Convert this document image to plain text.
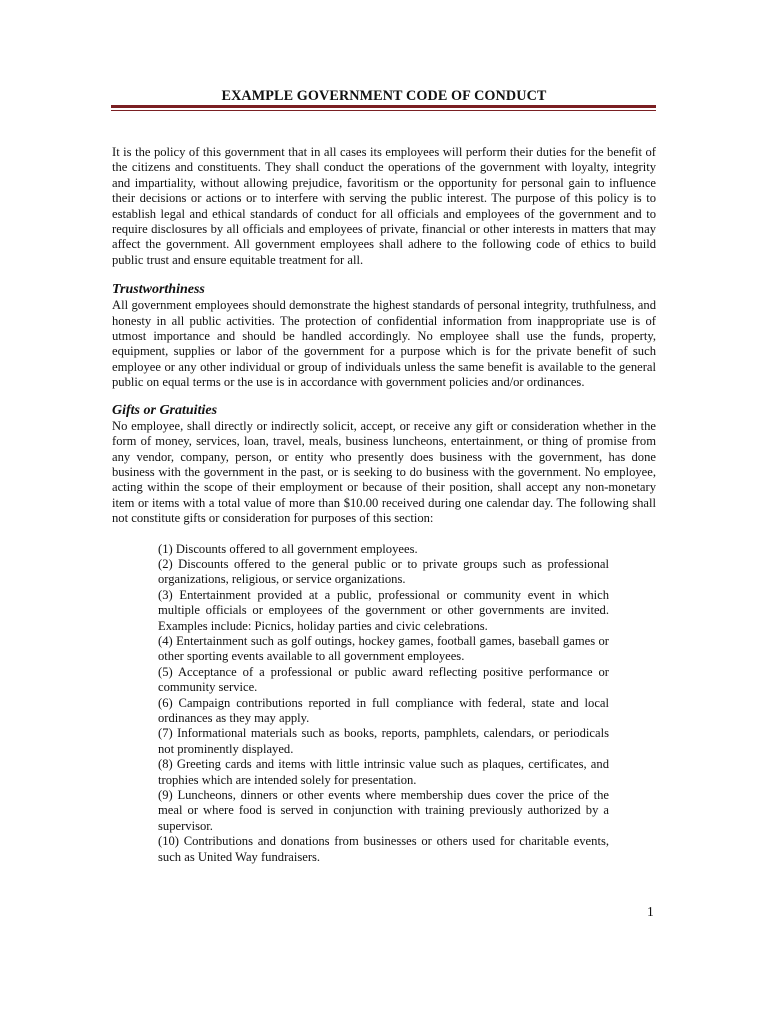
EXAMPLE GOVERNMENT CODE OF CONDUCT

It is the policy of this government that in all cases its employees will perform their duties for the benefit of the citizens and constituents. They shall conduct the operations of the government with loyalty, integrity and impartiality, without allowing prejudice, favoritism or the opportunity for personal gain to influence their decisions or actions or to interfere with serving the public interest. The purpose of this policy is to establish legal and ethical standards of conduct for all officials and employees of the government and to require disclosures by all officials and employees of private, financial or other interests in matters that may affect the government. All government employees shall adhere to the following code of ethics to build public trust and ensure equitable treatment for all.

Trustworthiness

All government employees should demonstrate the highest standards of personal integrity, truthfulness, and honesty in all public activities. The protection of confidential information from inappropriate use is of utmost importance and should be handled accordingly. No employee shall use the funds, property, equipment, supplies or labor of the government for a purpose which is for the private benefit of such employee or any other individual or group of individuals unless the same benefit is available to the general public on equal terms or the use is in accordance with government policies and/or ordinances.

Gifts or Gratuities

No employee, shall directly or indirectly solicit, accept, or receive any gift or consideration whether in the form of money, services, loan, travel, meals, business luncheons, entertainment, or thing of promise from any vendor, company, person, or entity who presently does business with the government, has done business with the government in the past, or is seeking to do business with the government. No employee, acting within the scope of their employment or because of their position, shall accept any non-monetary item or items with a total value of more than $10.00 received during one calendar day. The following shall not constitute gifts or consideration for purposes of this section:

(1) Discounts offered to all government employees.
(2) Discounts offered to the general public or to private groups such as professional organizations, religious, or service organizations.
(3) Entertainment provided at a public, professional or community event in which multiple officials or employees of the government or other governments are invited. Examples include: Picnics, holiday parties and civic celebrations.
(4) Entertainment such as golf outings, hockey games, football games, baseball games or other sporting events available to all government employees.
(5) Acceptance of a professional or public award reflecting positive performance or community service.
(6) Campaign contributions reported in full compliance with federal, state and local ordinances as they may apply.
(7) Informational materials such as books, reports, pamphlets, calendars, or periodicals not prominently displayed.
(8) Greeting cards and items with little intrinsic value such as plaques, certificates, and trophies which are intended solely for presentation.
(9) Luncheons, dinners or other events where membership dues cover the price of the meal or where food is served in conjunction with training previously authorized by a supervisor.
(10) Contributions and donations from businesses or others used for charitable events, such as United Way fundraisers.
1
